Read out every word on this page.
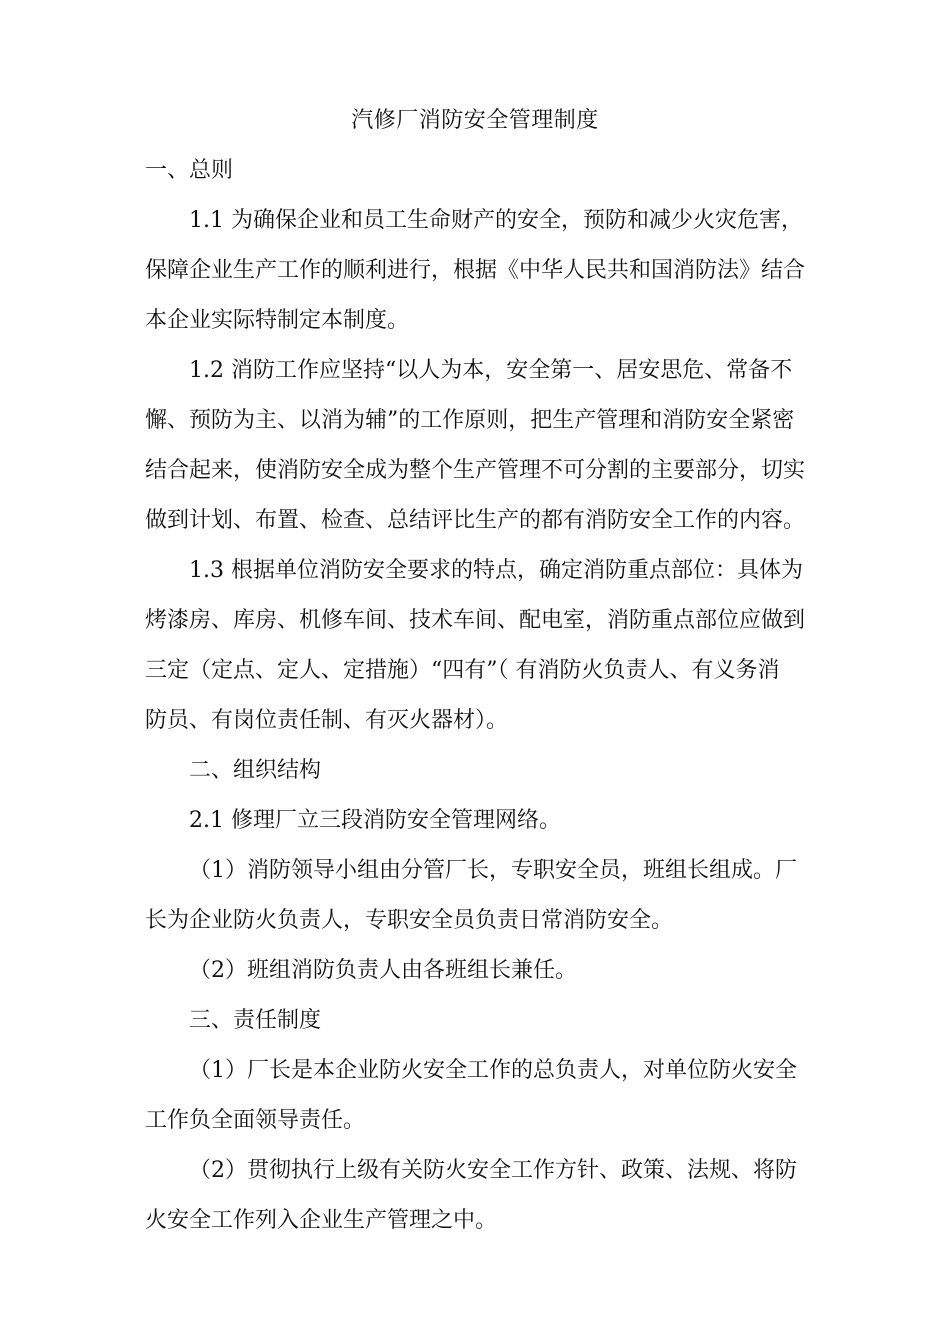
汽修厂消防安全管理制度
一、总则
1.1 为确保企业和员工生命财产的安全，预防和减少火灾危害，
保障企业生产工作的顺利进行，根据《中华人民共和国消防法》结合
本企业实际特制定本制度。
1.2 消防工作应坚持“以人为本，安全第一、居安思危、常备不
懈、预防为主、以消为辅”的工作原则，把生产管理和消防安全紧密
结合起来，使消防安全成为整个生产管理不可分割的主要部分，切实
做到计划、布置、检查、总结评比生产的都有消防安全工作的内容。
1.3 根据单位消防安全要求的特点，确定消防重点部位：具体为
烤漆房、库房、机修车间、技术车间、配电室，消防重点部位应做到
三定（定点、定人、定措施）“四有”（ 有消防火负责人、有义务消
防员、有岗位责任制、有灭火器材）。
二、组织结构
2.1 修理厂立三段消防安全管理网络。
（1）消防领导小组由分管厂长，专职安全员，班组长组成。厂
长为企业防火负责人，专职安全员负责日常消防安全。
（2）班组消防负责人由各班组长兼任。
三、责任制度
（1）厂长是本企业防火安全工作的总负责人，对单位防火安全
工作负全面领导责任。
（2）贯彻执行上级有关防火安全工作方针、政策、法规、将防
火安全工作列入企业生产管理之中。
